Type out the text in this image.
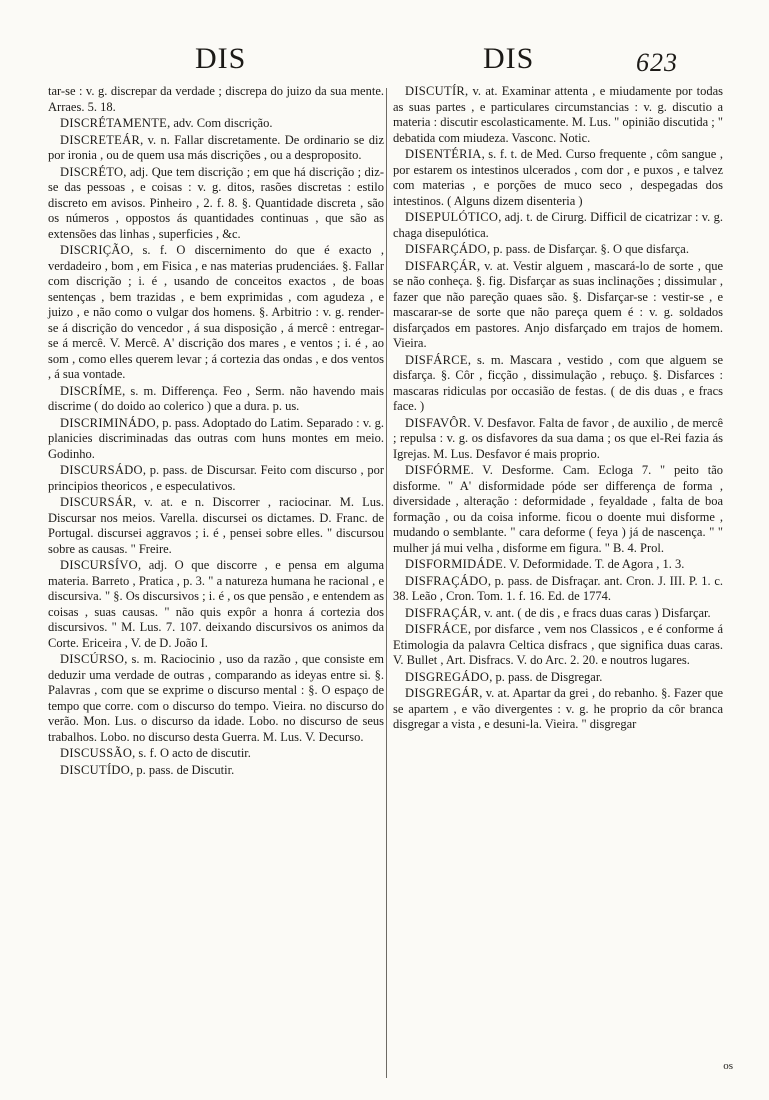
DIS	DIS	623

tar-se : v. g. discrepar da verdade ; discrepa do juizo da sua mente. Arraes. 5. 18.

DISCRÉTAMENTE, adv. Com discrição.

DISCRETEÁR, v. n. Fallar discretamente. De ordinario se diz por ironia , ou de quem usa más discrições , ou a desproposito.

DISCRÉTO, adj. Que tem discrição ; em que há discrição ; diz-se das pessoas , e coisas : v. g. ditos, rasões discretas : estilo discreto em avisos. Pinheiro , 2. f. 8. §. Quantidade discreta , são os números , oppostos ás quantidades continuas , que são as extensões das linhas , superficies , &c.

DISCRIÇÃO, s. f. O discernimento do que é exacto , verdadeiro , bom , em Fisica , e nas materias prudenciáes. §. Fallar com discrição ; i. é , usando de conceitos exactos , de boas sentenças , bem trazidas , e bem exprimidas , com agudeza , e juizo , e não como o vulgar dos homens. §. Arbitrio : v. g. render-se á discrição do vencedor , á sua disposição , á mercê : entregar-se á mercê. V. Mercê. A' discrição dos mares , e ventos ; i. é , ao som , como elles querem levar ; á cortezia das ondas , e dos ventos , á sua vontade.

DISCRÍME, s. m. Differença. Feo , Serm. não havendo mais discrime ( do doido ao colerico ) que a dura. p. us.

DISCRIMINÁDO, p. pass. Adoptado do Latim. Separado : v. g. planicies discriminadas das outras com huns montes em meio. Godinho.

DISCURSÁDO, p. pass. de Discursar. Feito com discurso , por principios theoricos , e especulativos.

DISCURSÁR, v. at. e n. Discorrer , raciocinar. M. Lus. Discursar nos meios. Varella. discursei os dictames. D. Franc. de Portugal. discursei aggravos ; i. é , pensei sobre elles. " discursou sobre as causas. " Freire.

DISCURSÍVO, adj. O que discorre , e pensa em alguma materia. Barreto , Pratica , p. 3. " a natureza humana he racional , e discursiva. " §. Os discursivos ; i. é , os que pensão , e entendem as coisas , suas causas. " não quis expôr a honra á cortezia dos discursivos. " M. Lus. 7. 107. deixando discursivos os animos da Corte. Ericeira , V. de D. João I.

DISCÚRSO, s. m. Raciocinio , uso da razão , que consiste em deduzir uma verdade de outras , comparando as ideyas entre si. §. Palavras , com que se exprime o discurso mental : §. O espaço de tempo que corre. com o discurso do tempo. Vieira. no discurso do verão. Mon. Lus. o discurso da idade. Lobo. no discurso de seus trabalhos. Lobo. no discurso desta Guerra. M. Lus. V. Decurso.

DISCUSSÃO, s. f. O acto de discutir.

DISCUTÍDO, p. pass. de Discutir.

DISCUTÍR, v. at. Examinar attenta , e miudamente por todas as suas partes , e particulares circumstancias : v. g. discutio a materia : discutir escolasticamente. M. Lus. " opinião discutida ; " debatida com miudeza. Vasconc. Notic.

DISENTÉRIA, s. f. t. de Med. Curso frequente , côm sangue , por estarem os intestinos ulcerados , com dor , e puxos , e talvez com materias , e porções de muco seco , despegadas dos intestinos. ( Alguns dizem disenteria )

DISEPULÓTICO, adj. t. de Cirurg. Difficil de cicatrizar : v. g. chaga disepulótica.

DISFARÇÁDO, p. pass. de Disfarçar. §. O que disfarça.

DISFARÇÁR, v. at. Vestir alguem , mascará-lo de sorte , que se não conheça. §. fig. Disfarçar as suas inclinações ; dissimular , fazer que não pareção quaes são. §. Disfarçar-se : vestir-se , e mascarar-se de sorte que não pareça quem é : v. g. soldados disfarçados em pastores. Anjo disfarçado em trajos de homem. Vieira.

DISFÁRCE, s. m. Mascara , vestido , com que alguem se disfarça. §. Côr , ficção , dissimulação , rebuço. §. Disfarces : mascaras ridiculas por occasião de festas. ( de dis duas , e fracs face. )

DISFAVÔR. V. Desfavor. Falta de favor , de auxilio , de mercê ; repulsa : v. g. os disfavores da sua dama ; os que el-Rei fazia ás Igrejas. M. Lus. Desfavor é mais proprio.

DISFÓRME. V. Desforme. Cam. Ecloga 7. " peito tão disforme. " A' disformidade póde ser differença de forma , diversidade , alteração : deformidade , feyaldade , falta de boa formação , ou da coisa informe. ficou o doente mui disforme , mudando o semblante. " cara deforme ( feya ) já de nascença. " " mulher já mui velha , disforme em figura. " B. 4. Prol.

DISFORMIDÁDE. V. Deformidade. T. de Agora , 1. 3.

DISFRAÇÁDO, p. pass. de Disfraçar. ant. Cron. J. III. P. 1. c. 38. Leão , Cron. Tom. 1. f. 16. Ed. de 1774.

DISFRAÇÁR, v. ant. ( de dis , e fracs duas caras ) Disfarçar.

DISFRÁCE, por disfarce , vem nos Classicos , e é conforme á Etimologia da palavra Celtica disfracs , que significa duas caras. V. Bullet , Art. Disfracs. V. do Arc. 2. 20. e noutros lugares.

DISGREGÁDO, p. pass. de Disgregar.

DISGREGÁR, v. at. Apartar da grei , do rebanho. §. Fazer que se apartem , e vão divergentes : v. g. he proprio da côr branca disgregar a vista , e desuni-la. Vieira. " disgregar

os
